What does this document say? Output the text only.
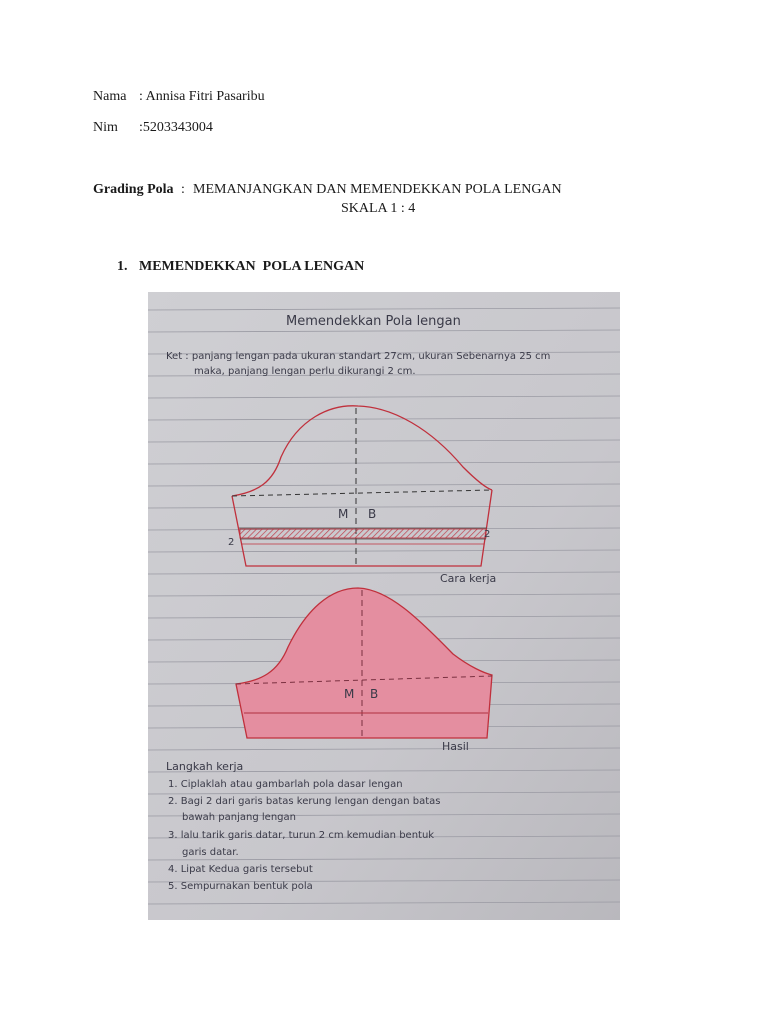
Nama : Annisa Fitri Pasaribu
Nim :5203343004
Grading Pola : MEMANJANGKAN DAN MEMENDEKKAN POLA LENGAN
SKALA 1 : 4
1. MEMENDEKKAN  POLA LENGAN
Memendekkan Pola lengan
Ket : panjang lengan pada ukuran standart 27cm, ukuran Sebenarnya 25 cm
maka, panjang lengan perlu dikurangi 2 cm.
M B
2
2
Cara kerja
M B
Hasil
Langkah kerja
1. Ciplaklah atau gambarlah pola dasar lengan
2. Bagi 2 dari garis batas kerung lengan dengan batas
bawah panjang lengan
3. lalu tarik garis datar, turun 2 cm kemudian bentuk
garis datar.
4. Lipat Kedua garis tersebut
5. Sempurnakan bentuk pola
